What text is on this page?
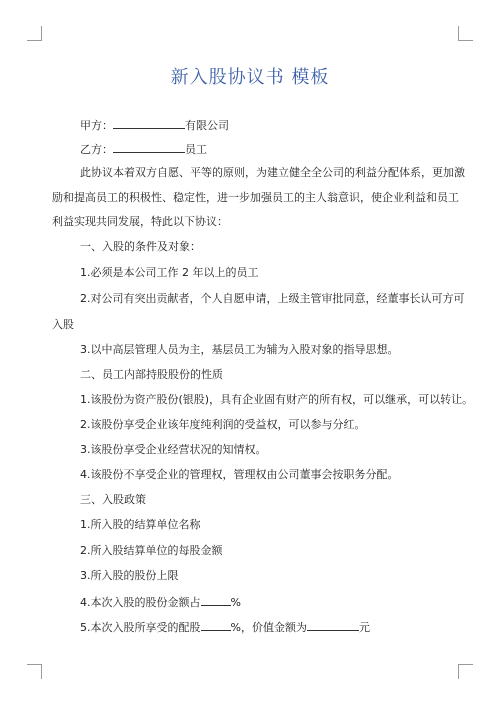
新入股协议书 模板
甲方：	有限公司
乙方：	员工
此协议本着双方自愿、平等的原则，为建立健全全公司的利益分配体系，更加激
励和提高员工的积极性、稳定性，进一步加强员工的主人翁意识，使企业利益和员工
利益实现共同发展，特此以下协议：
一、入股的条件及对象：
1.必须是本公司工作 2 年以上的员工
2.对公司有突出贡献者，个人自愿申请，上级主管审批同意，经董事长认可方可
入股
3.以中高层管理人员为主，基层员工为辅为入股对象的指导思想。
二、员工内部持股股份的性质
1.该股份为资产股份(银股)，具有企业固有财产的所有权，可以继承，可以转让。
2.该股份享受企业该年度纯利润的受益权，可以参与分红。
3.该股份享受企业经营状况的知情权。
4.该股份不享受企业的管理权，管理权由公司董事会按职务分配。
三、入股政策
1.所入股的结算单位名称
2.所入股结算单位的每股金额
3.所入股的股份上限
4.本次入股的股份金额占	%
5.本次入股所享受的配股	%，价值金额为	元
